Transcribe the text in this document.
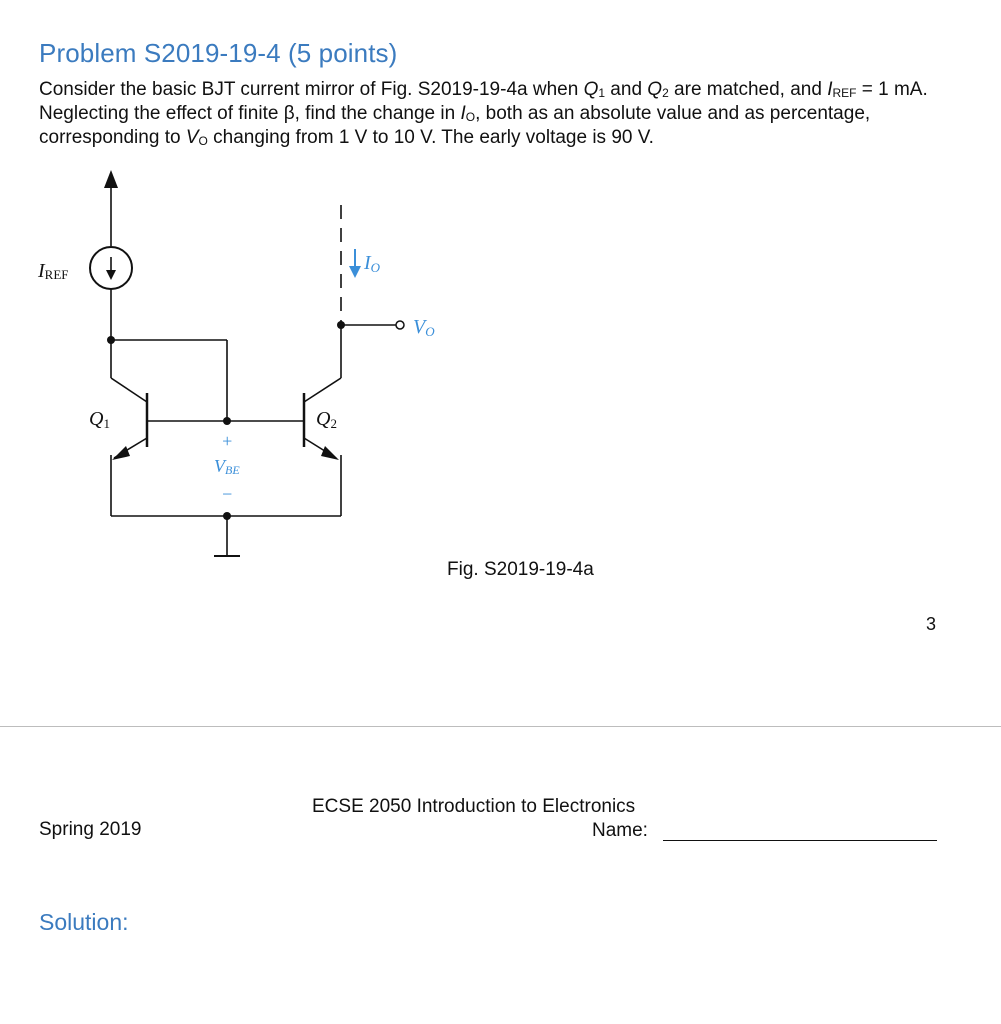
Problem S2019-19-4 (5 points)
Consider the basic BJT current mirror of Fig. S2019-19-4a when $Q_1$ and $Q_2$ are matched, and $I_{REF} = 1$ mA. Neglecting the effect of finite β, find the change in $I_O$, both as an absolute value and as percentage, corresponding to $V_O$ changing from 1 V to 10 V. The early voltage is 90 V.
IREF
Q1	Q2
IO
VO
+
VBE
−
Fig. S2019-19-4a
3
ECSE 2050 Introduction to Electronics
Name:
Spring 2019
Solution:
